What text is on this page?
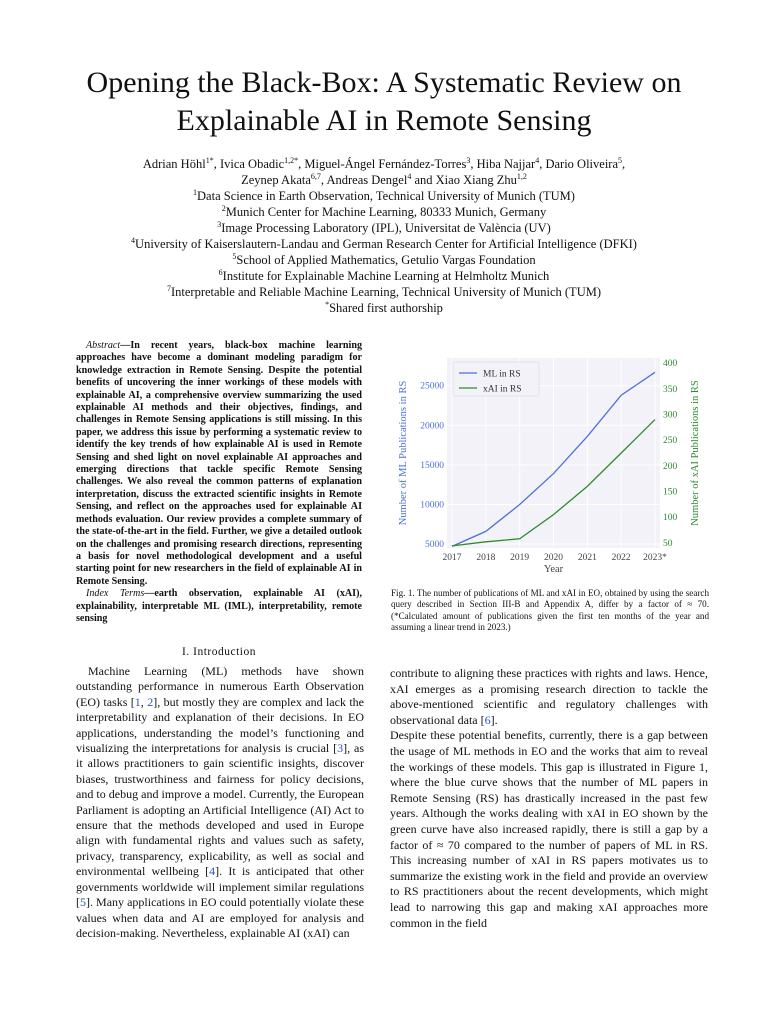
Opening the Black-Box: A Systematic Review on Explainable AI in Remote Sensing
Adrian Höhl$^{1*}$, Ivica Obadic$^{1,2*}$, Miguel-Ángel Fernández-Torres$^3$, Hiba Najjar$^4$, Dario Oliveira$^5$,
Zeynep Akata$^{6,7}$, Andreas Dengel$^4$ and Xiao Xiang Zhu$^{1,2}$
$^1$Data Science in Earth Observation, Technical University of Munich (TUM)
$^2$Munich Center for Machine Learning, 80333 Munich, Germany
$^3$Image Processing Laboratory (IPL), Universitat de València (UV)
$^4$University of Kaiserslautern-Landau and German Research Center for Artificial Intelligence (DFKI)
$^5$School of Applied Mathematics, Getulio Vargas Foundation
$^6$Institute for Explainable Machine Learning at Helmholtz Munich
$^7$Interpretable and Reliable Machine Learning, Technical University of Munich (TUM)
*Shared first authorship

Abstract—In recent years, black-box machine learning approaches have become a dominant modeling paradigm for knowledge extraction in Remote Sensing. Despite the potential benefits of uncovering the inner workings of these models with explainable AI, a comprehensive overview summarizing the used explainable AI methods and their objectives, findings, and challenges in Remote Sensing applications is still missing. In this paper, we address this issue by performing a systematic review to identify the key trends of how explainable AI is used in Remote Sensing and shed light on novel explainable AI approaches and emerging directions that tackle specific Remote Sensing challenges. We also reveal the common patterns of explanation interpretation, discuss the extracted scientific insights in Remote Sensing, and reflect on the approaches used for explainable AI methods evaluation. Our review provides a complete summary of the state-of-the-art in the field. Further, we give a detailed outlook on the challenges and promising research directions, representing a basis for novel methodological development and a useful starting point for new researchers in the field of explainable AI in Remote Sensing.

Index Terms—earth observation, explainable AI (xAI), explainability, interpretable ML (IML), interpretability, remote sensing

2017 2018 2019 2020 2021 2022 2023*
5000
10000
15000
20000
25000
50
100
150
200
250
300
350
400
ML in RS
xAI in RS
Year
Number of ML Publications in RS	Number of xAI Publications in RS
Fig. 1. The number of publications of ML and xAI in EO, obtained by using the search query described in Section III-B and Appendix A, differ by a factor of ≈ 70. (*Calculated amount of publications given the first ten months of the year and assuming a linear trend in 2023.)
I. Introduction

Machine Learning (ML) methods have shown outstanding performance in numerous Earth Observation (EO) tasks [1, 2], but mostly they are complex and lack the interpretability and explanation of their decisions. In EO applications, understanding the model’s functioning and visualizing the interpretations for analysis is crucial [3], as it allows practitioners to gain scientific insights, discover biases, trustworthiness and fairness for policy decisions, and to debug and improve a model. Currently, the European Parliament is adopting an Artificial Intelligence (AI) Act to ensure that the methods developed and used in Europe align with fundamental rights and values such as safety, privacy, transparency, explicability, as well as social and environmental wellbeing [4]. It is anticipated that other governments worldwide will implement similar regulations [5]. Many applications in EO could potentially violate these values when data and AI are employed for analysis and decision-making. Nevertheless, explainable AI (xAI) can

contribute to aligning these practices with rights and laws. Hence, xAI emerges as a promising research direction to tackle the above-mentioned scientific and regulatory challenges with observational data [6].

Despite these potential benefits, currently, there is a gap between the usage of ML methods in EO and the works that aim to reveal the workings of these models. This gap is illustrated in Figure 1, where the blue curve shows that the number of ML papers in Remote Sensing (RS) has drastically increased in the past few years. Although the works dealing with xAI in EO shown by the green curve have also increased rapidly, there is still a gap by a factor of ≈ 70 compared to the number of papers of ML in RS. This increasing number of xAI in RS papers motivates us to summarize the existing work in the field and provide an overview to RS practitioners about the recent developments, which might lead to narrowing this gap and making xAI approaches more common in the field
